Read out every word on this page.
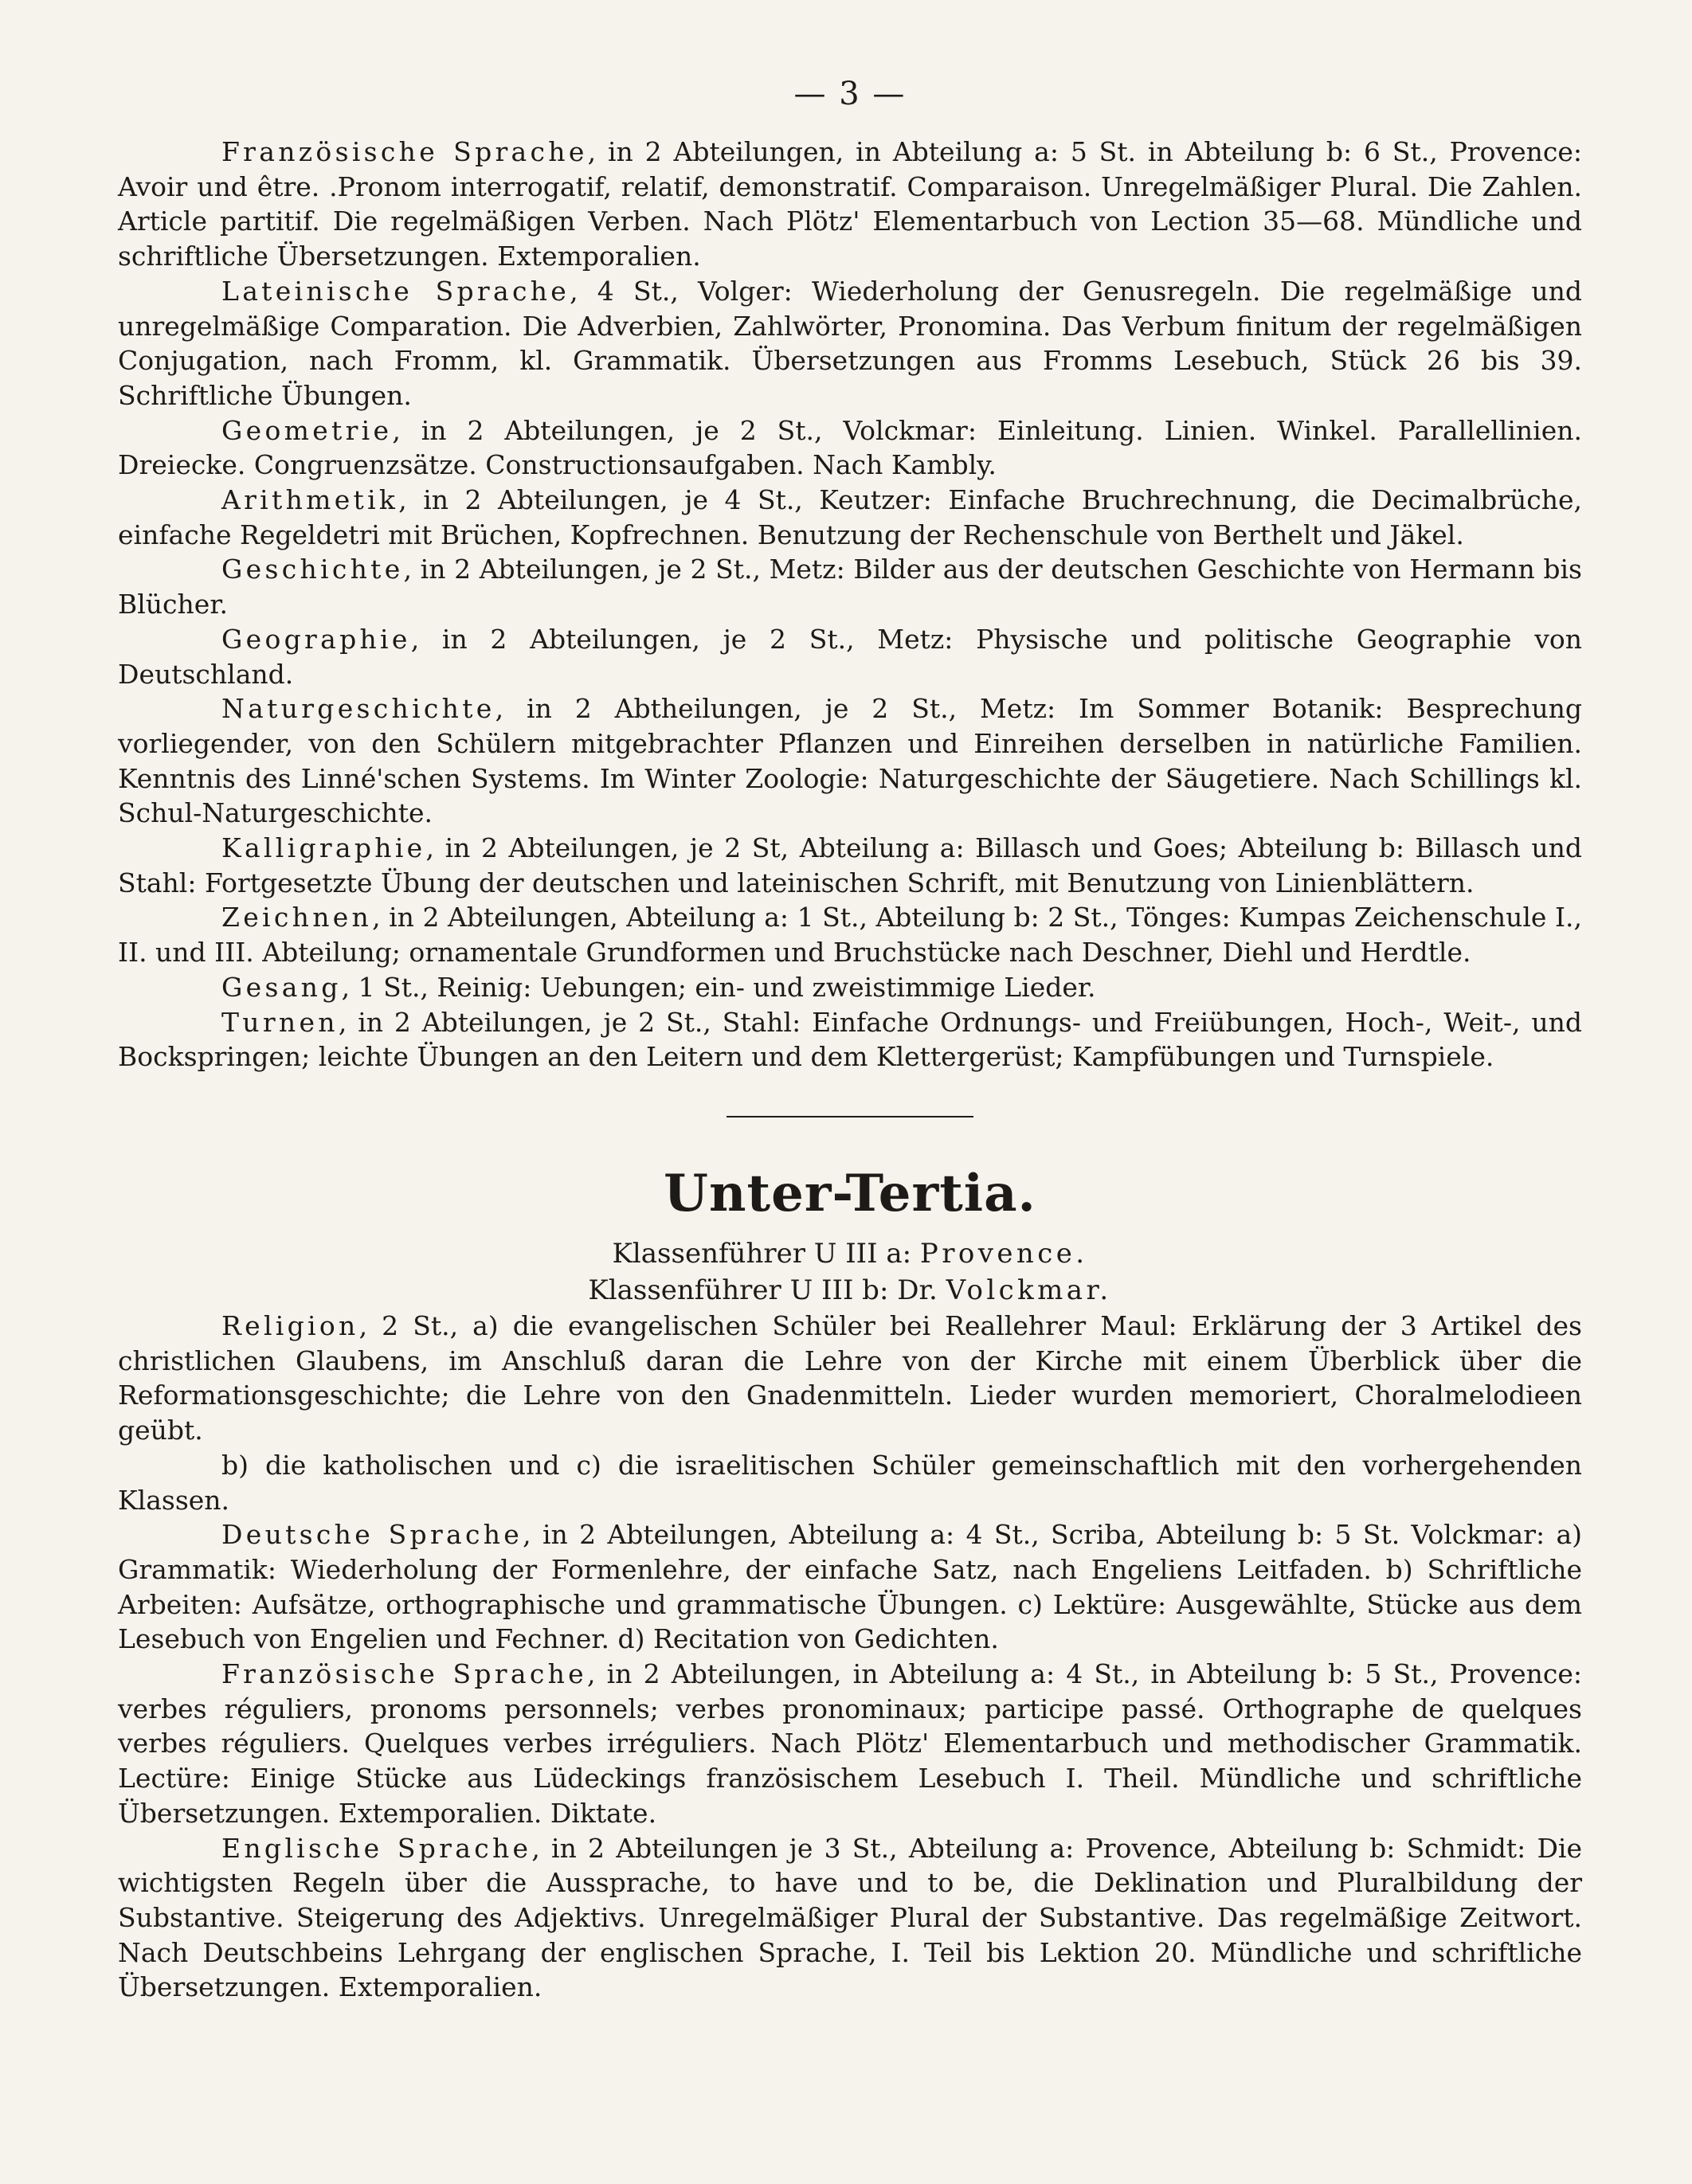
— 3 —

Französische Sprache, in 2 Abteilungen, in Abteilung a: 5 St. in Abteilung b: 6 St., Provence: Avoir und être. .Pronom interrogatif, relatif, demonstratif. Comparaison. Unregelmäßiger Plural. Die Zahlen. Article partitif. Die regelmäßigen Verben. Nach Plötz' Elementarbuch von Lection 35—68. Mündliche und schriftliche Übersetzungen. Extemporalien.

Lateinische Sprache, 4 St., Volger: Wiederholung der Genusregeln. Die regelmäßige und unregelmäßige Comparation. Die Adverbien, Zahlwörter, Pronomina. Das Verbum finitum der regelmäßigen Conjugation, nach Fromm, kl. Grammatik. Übersetzungen aus Fromms Lesebuch, Stück 26 bis 39. Schriftliche Übungen.

Geometrie, in 2 Abteilungen, je 2 St., Volckmar: Einleitung. Linien. Winkel. Parallellinien. Dreiecke. Congruenzsätze. Constructionsaufgaben. Nach Kambly.

Arithmetik, in 2 Abteilungen, je 4 St., Keutzer: Einfache Bruchrechnung, die Decimalbrüche, einfache Regeldetri mit Brüchen, Kopfrechnen. Benutzung der Rechenschule von Berthelt und Jäkel.

Geschichte, in 2 Abteilungen, je 2 St., Metz: Bilder aus der deutschen Geschichte von Hermann bis Blücher.

Geographie, in 2 Abteilungen, je 2 St., Metz: Physische und politische Geographie von Deutschland.

Naturgeschichte, in 2 Abtheilungen, je 2 St., Metz: Im Sommer Botanik: Besprechung vorliegender, von den Schülern mitgebrachter Pflanzen und Einreihen derselben in natürliche Familien. Kenntnis des Linné'schen Systems. Im Winter Zoologie: Naturgeschichte der Säugetiere. Nach Schillings kl. Schul-Naturgeschichte.

Kalligraphie, in 2 Abteilungen, je 2 St, Abteilung a: Billasch und Goes; Abteilung b: Billasch und Stahl: Fortgesetzte Übung der deutschen und lateinischen Schrift, mit Benutzung von Linienblättern.

Zeichnen, in 2 Abteilungen, Abteilung a: 1 St., Abteilung b: 2 St., Tönges: Kumpas Zeichenschule I., II. und III. Abteilung; ornamentale Grundformen und Bruchstücke nach Deschner, Diehl und Herdtle.

Gesang, 1 St., Reinig: Uebungen; ein- und zweistimmige Lieder.

Turnen, in 2 Abteilungen, je 2 St., Stahl: Einfache Ordnungs- und Freiübungen, Hoch-, Weit-, und Bockspringen; leichte Übungen an den Leitern und dem Klettergerüst; Kampfübungen und Turnspiele.

Unter-Tertia.

Klassenführer U III a: Provence.

Klassenführer U III b: Dr. Volckmar.

Religion, 2 St., a) die evangelischen Schüler bei Reallehrer Maul: Erklärung der 3 Artikel des christlichen Glaubens, im Anschluß daran die Lehre von der Kirche mit einem Überblick über die Reformationsgeschichte; die Lehre von den Gnadenmitteln. Lieder wurden memoriert, Choralmelodieen geübt.

b) die katholischen und c) die israelitischen Schüler gemeinschaftlich mit den vorhergehenden Klassen.

Deutsche Sprache, in 2 Abteilungen, Abteilung a: 4 St., Scriba, Abteilung b: 5 St. Volckmar: a) Grammatik: Wiederholung der Formenlehre, der einfache Satz, nach Engeliens Leitfaden. b) Schriftliche Arbeiten: Aufsätze, orthographische und grammatische Übungen. c) Lektüre: Ausgewählte, Stücke aus dem Lesebuch von Engelien und Fechner. d) Recitation von Gedichten.

Französische Sprache, in 2 Abteilungen, in Abteilung a: 4 St., in Abteilung b: 5 St., Provence: verbes réguliers, pronoms personnels; verbes pronominaux; participe passé. Orthographe de quelques verbes réguliers. Quelques verbes irréguliers. Nach Plötz' Elementarbuch und methodischer Grammatik. Lectüre: Einige Stücke aus Lüdeckings französischem Lesebuch I. Theil. Mündliche und schriftliche Übersetzungen. Extemporalien. Diktate.

Englische Sprache, in 2 Abteilungen je 3 St., Abteilung a: Provence, Abteilung b: Schmidt: Die wichtigsten Regeln über die Aussprache, to have und to be, die Deklination und Pluralbildung der Substantive. Steigerung des Adjektivs. Unregelmäßiger Plural der Substantive. Das regelmäßige Zeitwort. Nach Deutschbeins Lehrgang der englischen Sprache, I. Teil bis Lektion 20. Mündliche und schriftliche Übersetzungen. Extemporalien.
